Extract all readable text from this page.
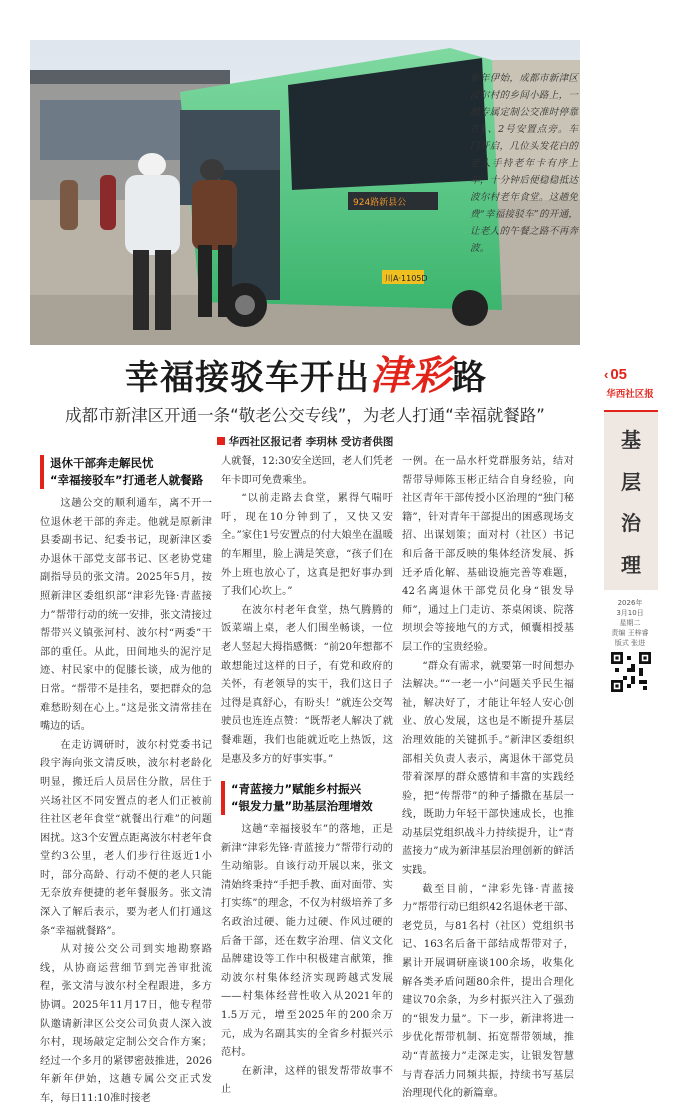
924路新县公
川A·1105D
新年伊始，成都市新津区波尔村的乡间小路上，一趟专属定制公交准时停靠在1、2号安置点旁。车门开启，几位头发花白的老人手持老年卡有序上车，十分钟后便稳稳抵达波尔村老年食堂。这趟免费“幸福接驳车”的开通，让老人的午餐之路不再奔波。
幸福接驳车开出津彩路
成都市新津区开通一条“敬老公交专线”，为老人打通“幸福就餐路”
华西社区报记者 李玥林 受访者供图
退休干部奔走解民忧
“幸福接驳车”打通老人就餐路

这趟公交的顺利通车，离不开一位退休老干部的奔走。他就是原新津县委副书记、纪委书记，现新津区委办退休干部党支部书记、区老协党建副指导员的张文清。2025年5月，按照新津区委组织部“津彩先锋·青蓝接力”帮带行动的统一安排，张文清接过帮带兴义镇张河村、波尔村“两委”干部的重任。从此，田间地头的泥泞足迹、村民家中的促膝长谈，成为他的日常。“帮带不是挂名，要把群众的急难愁盼刻在心上。”这是张文清常挂在嘴边的话。

在走访调研时，波尔村党委书记段宇海向张文清反映，波尔村老龄化明显，搬迁后人员居住分散，居住于兴场社区不同安置点的老人们正被前往社区老年食堂“就餐出行难”的问题困扰。这3个安置点距离波尔村老年食堂约3公里，老人们步行往返近1小时，部分高龄、行动不便的老人只能无奈放弃便捷的老年餐服务。张文清深入了解后表示，要为老人们打通这条“幸福就餐路”。

从对接公交公司到实地勘察路线，从协商运营细节到完善审批流程，张文清与波尔村全程跟进，多方协调。2025年11月17日，他专程带队邀请新津区公交公司负责人深入波尔村，现场敲定定制公交合作方案；经过一个多月的紧锣密鼓推进，2026年新年伊始，这趟专属公交正式发车，每日11:10准时接老

人就餐，12:30安全送回，老人们凭老年卡即可免费乘坐。

“以前走路去食堂，累得气喘吁吁，现在10分钟到了，又快又安全。”家住1号安置点的付大娘坐在温暖的车厢里，脸上满是笑意，“孩子们在外上班也放心了，这真是把好事办到了我们心坎上。”

在波尔村老年食堂，热气腾腾的饭菜端上桌，老人们围坐畅谈，一位老人竖起大拇指感慨：“前20年想都不敢想能过这样的日子，有党和政府的关怀，有老领导的实干，我们这日子过得是真舒心，有盼头！”就连公交驾驶员也连连点赞：“既帮老人解决了就餐难题，我们也能就近吃上热饭，这是惠及多方的好事实事。”

“青蓝接力”赋能乡村振兴
“银发力量”助基层治理增效

这趟“幸福接驳车”的落地，正是新津“津彩先锋·青蓝接力”帮带行动的生动缩影。自该行动开展以来，张文清始终秉持“手把手教、面对面带、实打实练”的理念，不仅为村级培养了多名政治过硬、能力过硬、作风过硬的后备干部，还在数字治理、信义文化品牌建设等工作中积极建言献策，推动波尔村集体经济实现跨越式发展——村集体经营性收入从2021年的1.5万元，增至2025年的200余万元，成为名副其实的全省乡村振兴示范村。

在新津，这样的银发帮带故事不止

一例。在一品水杆党群服务站，结对帮带导师陈玉彬正结合自身经验，向社区青年干部传授小区治理的“独门秘籍”，针对青年干部提出的困惑现场支招、出谋划策；面对村（社区）书记和后备干部反映的集体经济发展、拆迁矛盾化解、基础设施完善等难题，42名离退休干部党员化身“银发导师”，通过上门走访、茶桌闲谈、院落坝坝会等接地气的方式，倾囊相授基层工作的宝贵经验。

“群众有需求，就要第一时间想办法解决。”“一老一小”问题关乎民生福祉，解决好了，才能让年轻人安心创业、放心发展，这也是不断提升基层治理效能的关键抓手。”新津区委组织部相关负责人表示，离退休干部党员带着深厚的群众感情和丰富的实践经验，把“传帮带”的种子播撒在基层一线，既助力年轻干部快速成长，也推动基层党组织战斗力持续提升，让“青蓝接力”成为新津基层治理创新的鲜活实践。

截至目前，“津彩先锋·青蓝接力”帮带行动已组织42名退休老干部、老党员，与81名村（社区）党组织书记、163名后备干部结成帮带对子，累计开展调研座谈100余场，收集化解各类矛盾问题80余件，提出合理化建议70余条，为乡村振兴注入了强劲的“银发力量”。下一步，新津将进一步优化帮带机制、拓宽帮带领域，推动“青蓝接力”走深走实，让银发智慧与青春活力同频共振，持续书写基层治理现代化的新篇章。

‹ 05
华西社区报
基
层
治
理
2026年
3月10日
星期二
责编 王梓睿
版式 张进
